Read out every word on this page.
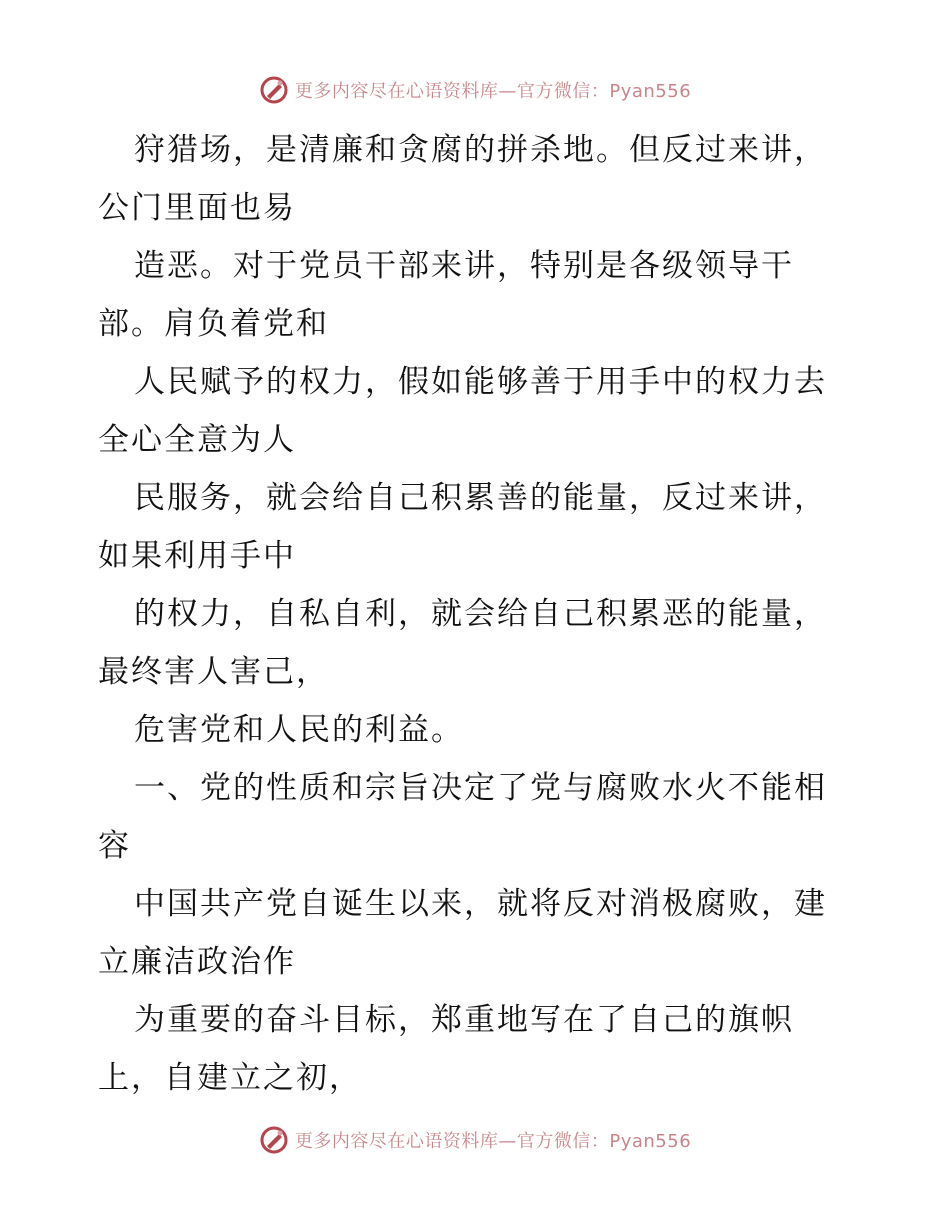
更多内容尽在心语资料库—官方微信：Pyan556
狩猎场，是清廉和贪腐的拼杀地。但反过来讲，
公门里面也易
造恶。对于党员干部来讲，特别是各级领导干
部。肩负着党和
人民赋予的权力，假如能够善于用手中的权力去
全心全意为人
民服务，就会给自己积累善的能量，反过来讲，
如果利用手中
的权力，自私自利，就会给自己积累恶的能量，
最终害人害己，
危害党和人民的利益。
一、党的性质和宗旨决定了党与腐败水火不能相
容
中国共产党自诞生以来，就将反对消极腐败，建
立廉洁政治作
为重要的奋斗目标，郑重地写在了自己的旗帜
上，自建立之初，
更多内容尽在心语资料库—官方微信：Pyan556
